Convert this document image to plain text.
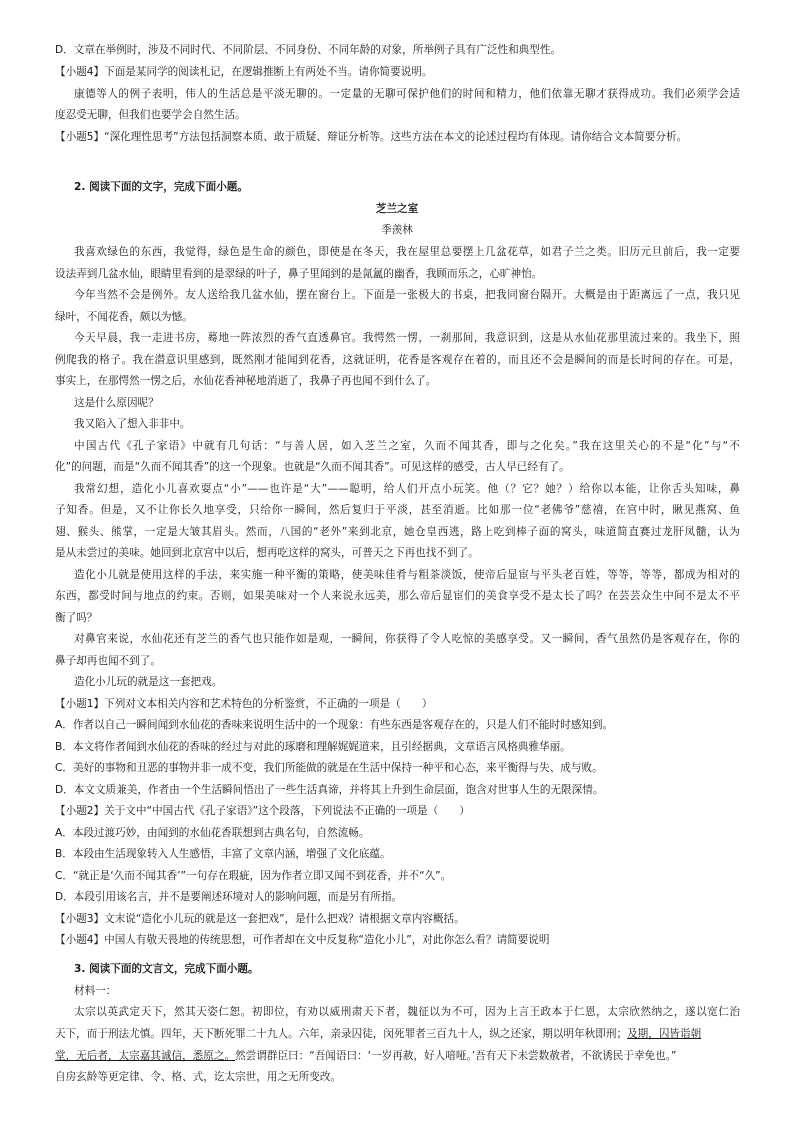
D．文章在举例时，涉及不同时代、不同阶层、不同身份、不同年龄的对象，所举例子具有广泛性和典型性。
【小题4】下面是某同学的阅读札记，在逻辑推断上有两处不当。请你简要说明。
康德等人的例子表明，伟人的生活总是平淡无聊的。一定量的无聊可保护他们的时间和精力，他们依靠无聊才获得成功。我们必须学会适
度忍受无聊，但我们也要学会自然生活。
【小题5】“深化理性思考”方法包括洞察本质、敢于质疑、辩证分析等。这些方法在本文的论述过程均有体现。请你结合文本简要分析。
2. 阅读下面的文字，完成下面小题。
芝兰之室
季羡林
我喜欢绿色的东西，我觉得，绿色是生命的颜色，即使是在冬天，我在屋里总要摆上几盆花草，如君子兰之类。旧历元旦前后，我一定要
设法弄到几盆水仙，眼睛里看到的是翠绿的叶子，鼻子里闻到的是氤氲的幽香，我顾而乐之，心旷神怡。
今年当然不会是例外。友人送给我几盆水仙，摆在窗台上。下面是一张极大的书桌，把我同窗台隔开。大概是由于距离远了一点，我只见
绿叶，不闻花香，颇以为憾。
今天早晨，我一走进书房，蓦地一阵浓烈的香气直透鼻官。我愕然一愣，一刹那间，我意识到，这是从水仙花那里流过来的。我坐下，照
例爬我的格子。我在潜意识里感到，既然刚才能闻到花香，这就证明，花香是客观存在着的，而且还不会是瞬间的而是长时间的存在。可是，
事实上，在那愕然一愣之后，水仙花香神秘地消逝了，我鼻子再也闻不到什么了。
这是什么原因呢？
我又陷入了想入非非中。
中国古代《孔子家语》中就有几句话：“与善人居，如入芝兰之室，久而不闻其香，即与之化矣。”我在这里关心的不是“化”与“不
化”的问题，而是“久而不闻其香”的这一个现象。也就是“久而不闻其香”。可见这样的感受，古人早已经有了。
我常幻想，造化小儿喜欢耍点“小”——也许是“大”——聪明，给人们开点小玩笑。他（？它？她？）给你以本能，让你舌头知味，鼻
子知香。但是，又不让你长久地享受，只给你一瞬间，然后复归于平淡，甚至消逝。比如那一位“老佛爷”慈禧，在宫中时，瞅见燕窝、鱼
翅、猴头、熊掌，一定是大皱其眉头。然而，八国的“老外”来到北京，她仓皇西逃，路上吃到棒子面的窝头，味道简直赛过龙肝凤髓，认为
是从未尝过的美味。她回到北京宫中以后，想再吃这样的窝头，可普天之下再也找不到了。
造化小儿就是使用这样的手法，来实施一种平衡的策略，使美味佳肴与粗茶淡饭，使帝后显宦与平头老百姓，等等，等等，都成为相对的
东西，都受时间与地点的约束。否则，如果美味对一个人来说永远美，那么帝后显宦们的美食享受不是太长了吗？在芸芸众生中间不是太不平
衡了吗？
对鼻官来说，水仙花还有芝兰的香气也只能作如是观，一瞬间，你获得了令人吃惊的美感享受。又一瞬间，香气虽然仍是客观存在，你的
鼻子却再也闻不到了。
造化小儿玩的就是这一套把戏。
【小题1】下列对文本相关内容和艺术特色的分析鉴赏，不正确的一项是（　　）
A．作者以自己一瞬间闻到水仙花的香味来说明生活中的一个现象：有些东西是客观存在的，只是人们不能时时感知到。
B．本文将作者闻到水仙花的香味的经过与对此的琢磨和理解娓娓道来，且引经据典，文章语言风格典雅华丽。
C．美好的事物和丑恶的事物并非一成不变，我们所能做的就是在生活中保持一种平和心态，来平衡得与失、成与败。
D．本文文质兼美，作者由一个生活瞬间悟出了一些生活真谛，并将其上升到生命层面，饱含对世事人生的无限深情。
【小题2】关于文中“中国古代《孔子家语》”这个段落，下列说法不正确的一项是（　　）
A．本段过渡巧妙，由闻到的水仙花香联想到古典名句，自然流畅。
B．本段由生活现象转入人生感悟，丰富了文章内涵，增强了文化底蕴。
C．“就正是‘久而不闻其香’”一句存在瑕疵，因为作者立即又闻不到花香，并不“久”。
D．本段引用该名言，并不是要阐述环境对人的影响问题，而是另有所指。
【小题3】文末说“造化小儿玩的就是这一套把戏”，是什么把戏？请根据文章内容概括。
【小题4】中国人有敬天畏地的传统思想，可作者却在文中反复称“造化小儿”，对此你怎么看？请简要说明
3. 阅读下面的文言文，完成下面小题。
材料一：
太宗以英武定天下，然其天姿仁恕。初即位，有劝以威刑肃天下者，魏征以为不可，因为上言王政本于仁恩，太宗欣然纳之，遂以宽仁治
天下，而于刑法尤慎。四年，天下断死罪二十九人。六年，亲录囚徒，闵死罪者三百九十人，纵之还家，期以明年秋即刑；及期，囚皆诣朝
堂，无后者，太宗嘉其诚信，悉原之。然尝谓群臣曰：“吾闻语曰：‘一岁再赦，好人喑哑。’吾有天下未尝数赦者，不欲诱民于幸免也。”
自房玄龄等更定律、令、格、式，讫太宗世，用之无所变改。
